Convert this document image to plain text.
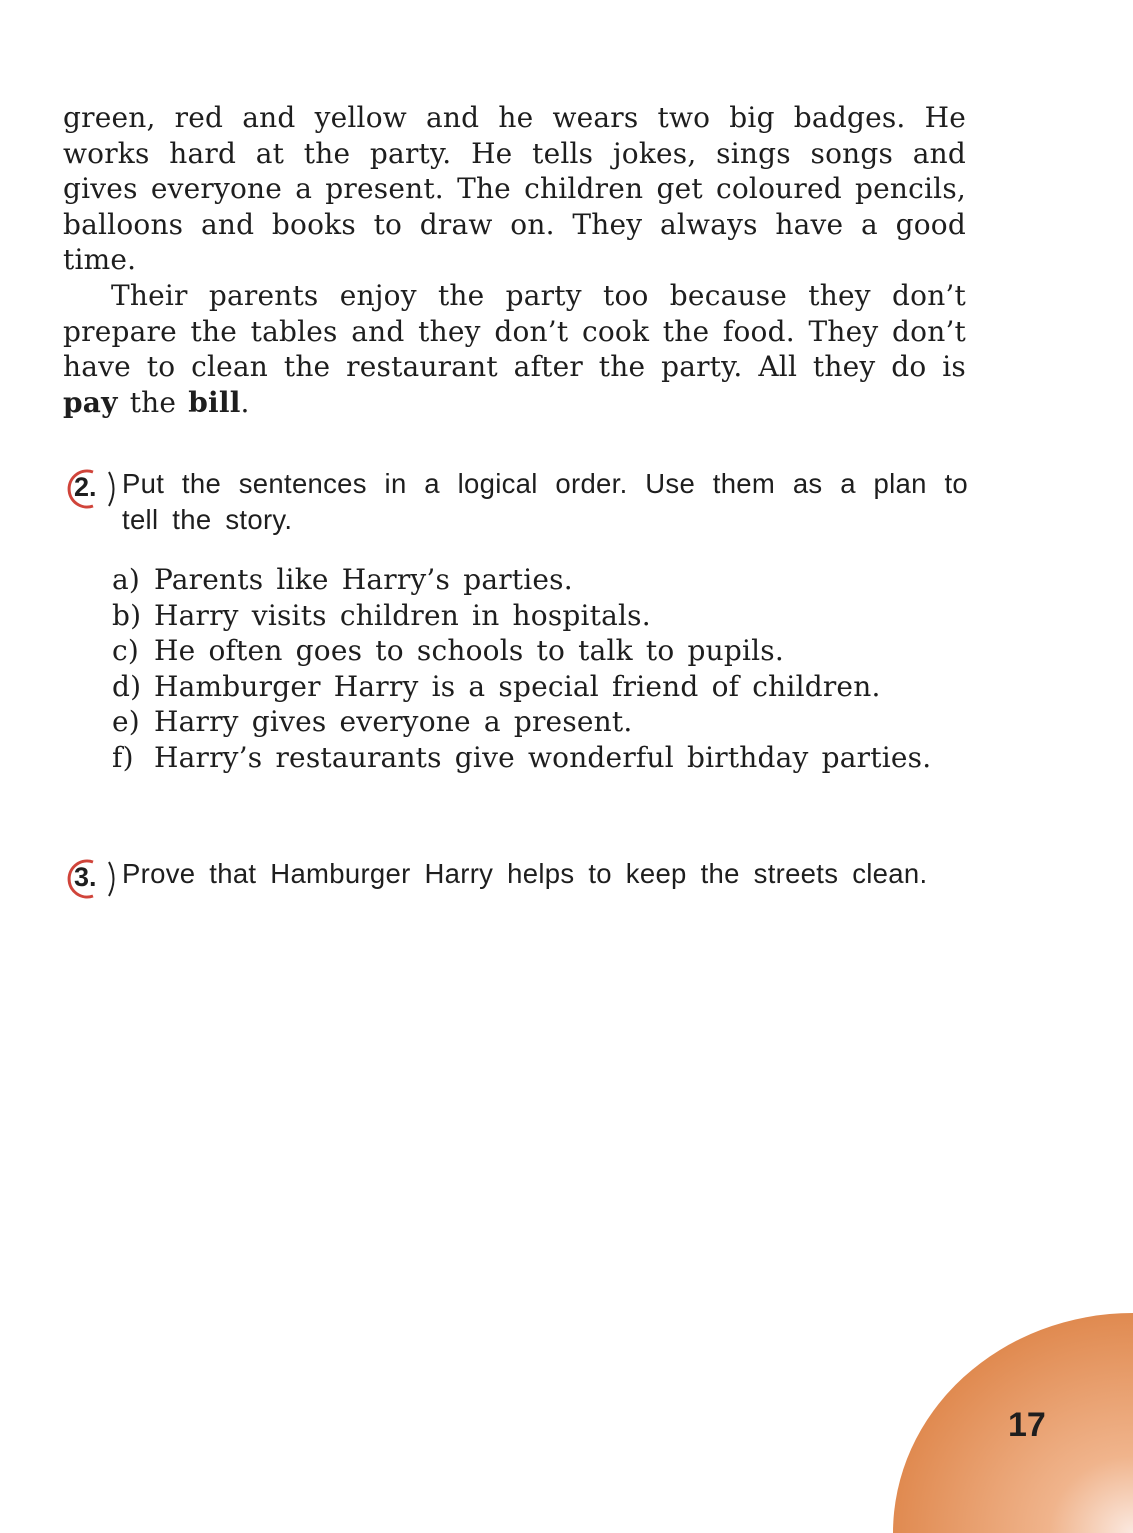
green, red and yellow and he wears two big badges. He works hard at the party. He tells jokes, sings songs and gives everyone a present. The children get coloured pencils, balloons and books to draw on. They always have a good time.

Their parents enjoy the party too because they don’t prepare the tables and they don’t cook the food. They don’t have to clean the restaurant after the party. All they do is pay the bill.

2. Put the sentences in a logical order. Use them as a plan to tell the story.
a) Parents like Harry’s parties.
b) Harry visits children in hospitals.
c) He often goes to schools to talk to pupils.
d) Hamburger Harry is a special friend of children.
e) Harry gives everyone a present.
f) Harry’s restaurants give wonderful birthday parties.
3. Prove that Hamburger Harry helps to keep the streets clean.
17
